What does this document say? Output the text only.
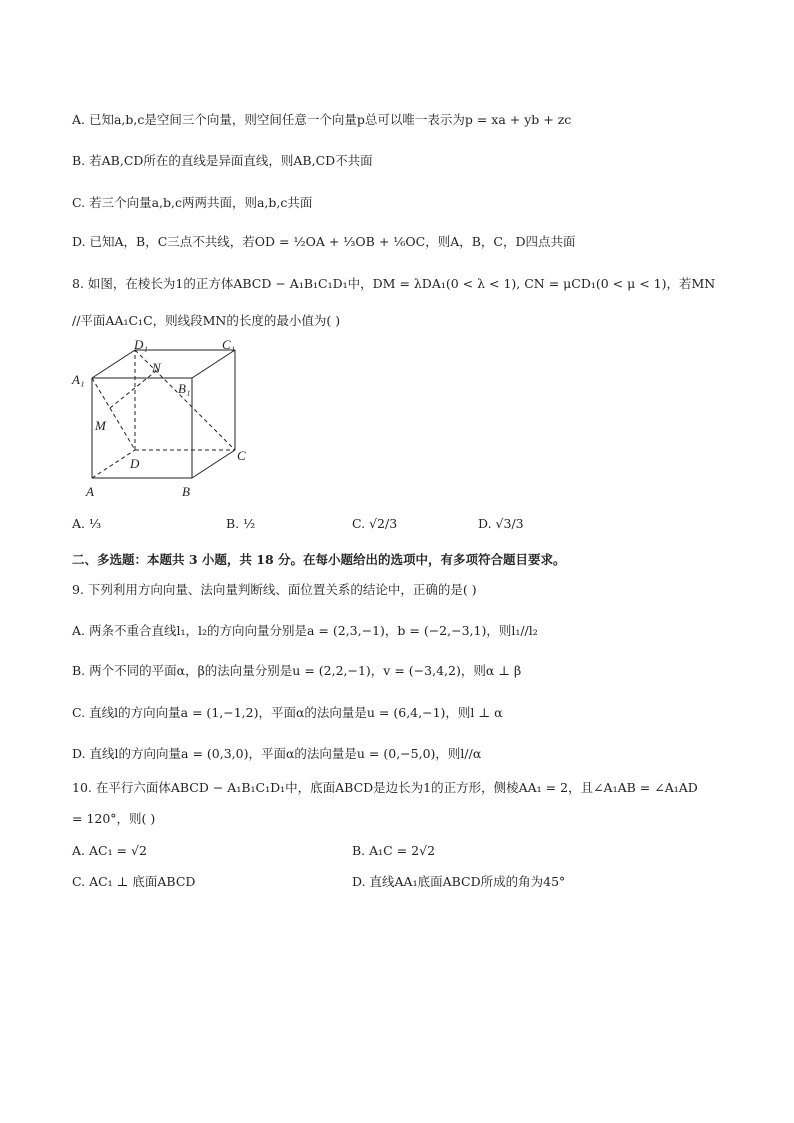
A. 已知a,b,c是空间三个向量，则空间任意一个向量p总可以唯一表示为p = xa + yb + zc
B. 若AB,CD所在的直线是异面直线，则AB,CD不共面
C. 若三个向量a,b,c两两共面，则a,b,c共面
D. 已知A，B，C三点不共线，若OD = ½OA + ⅓OB + ⅙OC，则A，B，C，D四点共面
8. 如图，在棱长为1的正方体ABCD − A₁B₁C₁D₁中，DM = λDA₁(0 < λ < 1), CN = μCD₁(0 < μ < 1)，若MN
//平面AA₁C₁C，则线段MN的长度的最小值为( )
A	B
C
D
A₁
B₁
C₁
D₁
M
N
A. ⅓	B. ½	C. √2/3	D. √3/3
二、多选题：本题共 3 小题，共 18 分。在每小题给出的选项中，有多项符合题目要求。
9. 下列利用方向向量、法向量判断线、面位置关系的结论中，正确的是( )
A. 两条不重合直线l₁，l₂的方向向量分别是a = (2,3,−1)，b = (−2,−3,1)，则l₁//l₂
B. 两个不同的平面α，β的法向量分别是u = (2,2,−1)，v = (−3,4,2)，则α ⊥ β
C. 直线l的方向向量a = (1,−1,2)，平面α的法向量是u = (6,4,−1)，则l ⊥ α
D. 直线l的方向向量a = (0,3,0)，平面α的法向量是u = (0,−5,0)，则l//α
10. 在平行六面体ABCD − A₁B₁C₁D₁中，底面ABCD是边长为1的正方形，侧棱AA₁ = 2，且∠A₁AB = ∠A₁AD
= 120°，则( )
A. AC₁ = √2	B. A₁C = 2√2
C. AC₁ ⊥ 底面ABCD	D. 直线AA₁底面ABCD所成的角为45°
